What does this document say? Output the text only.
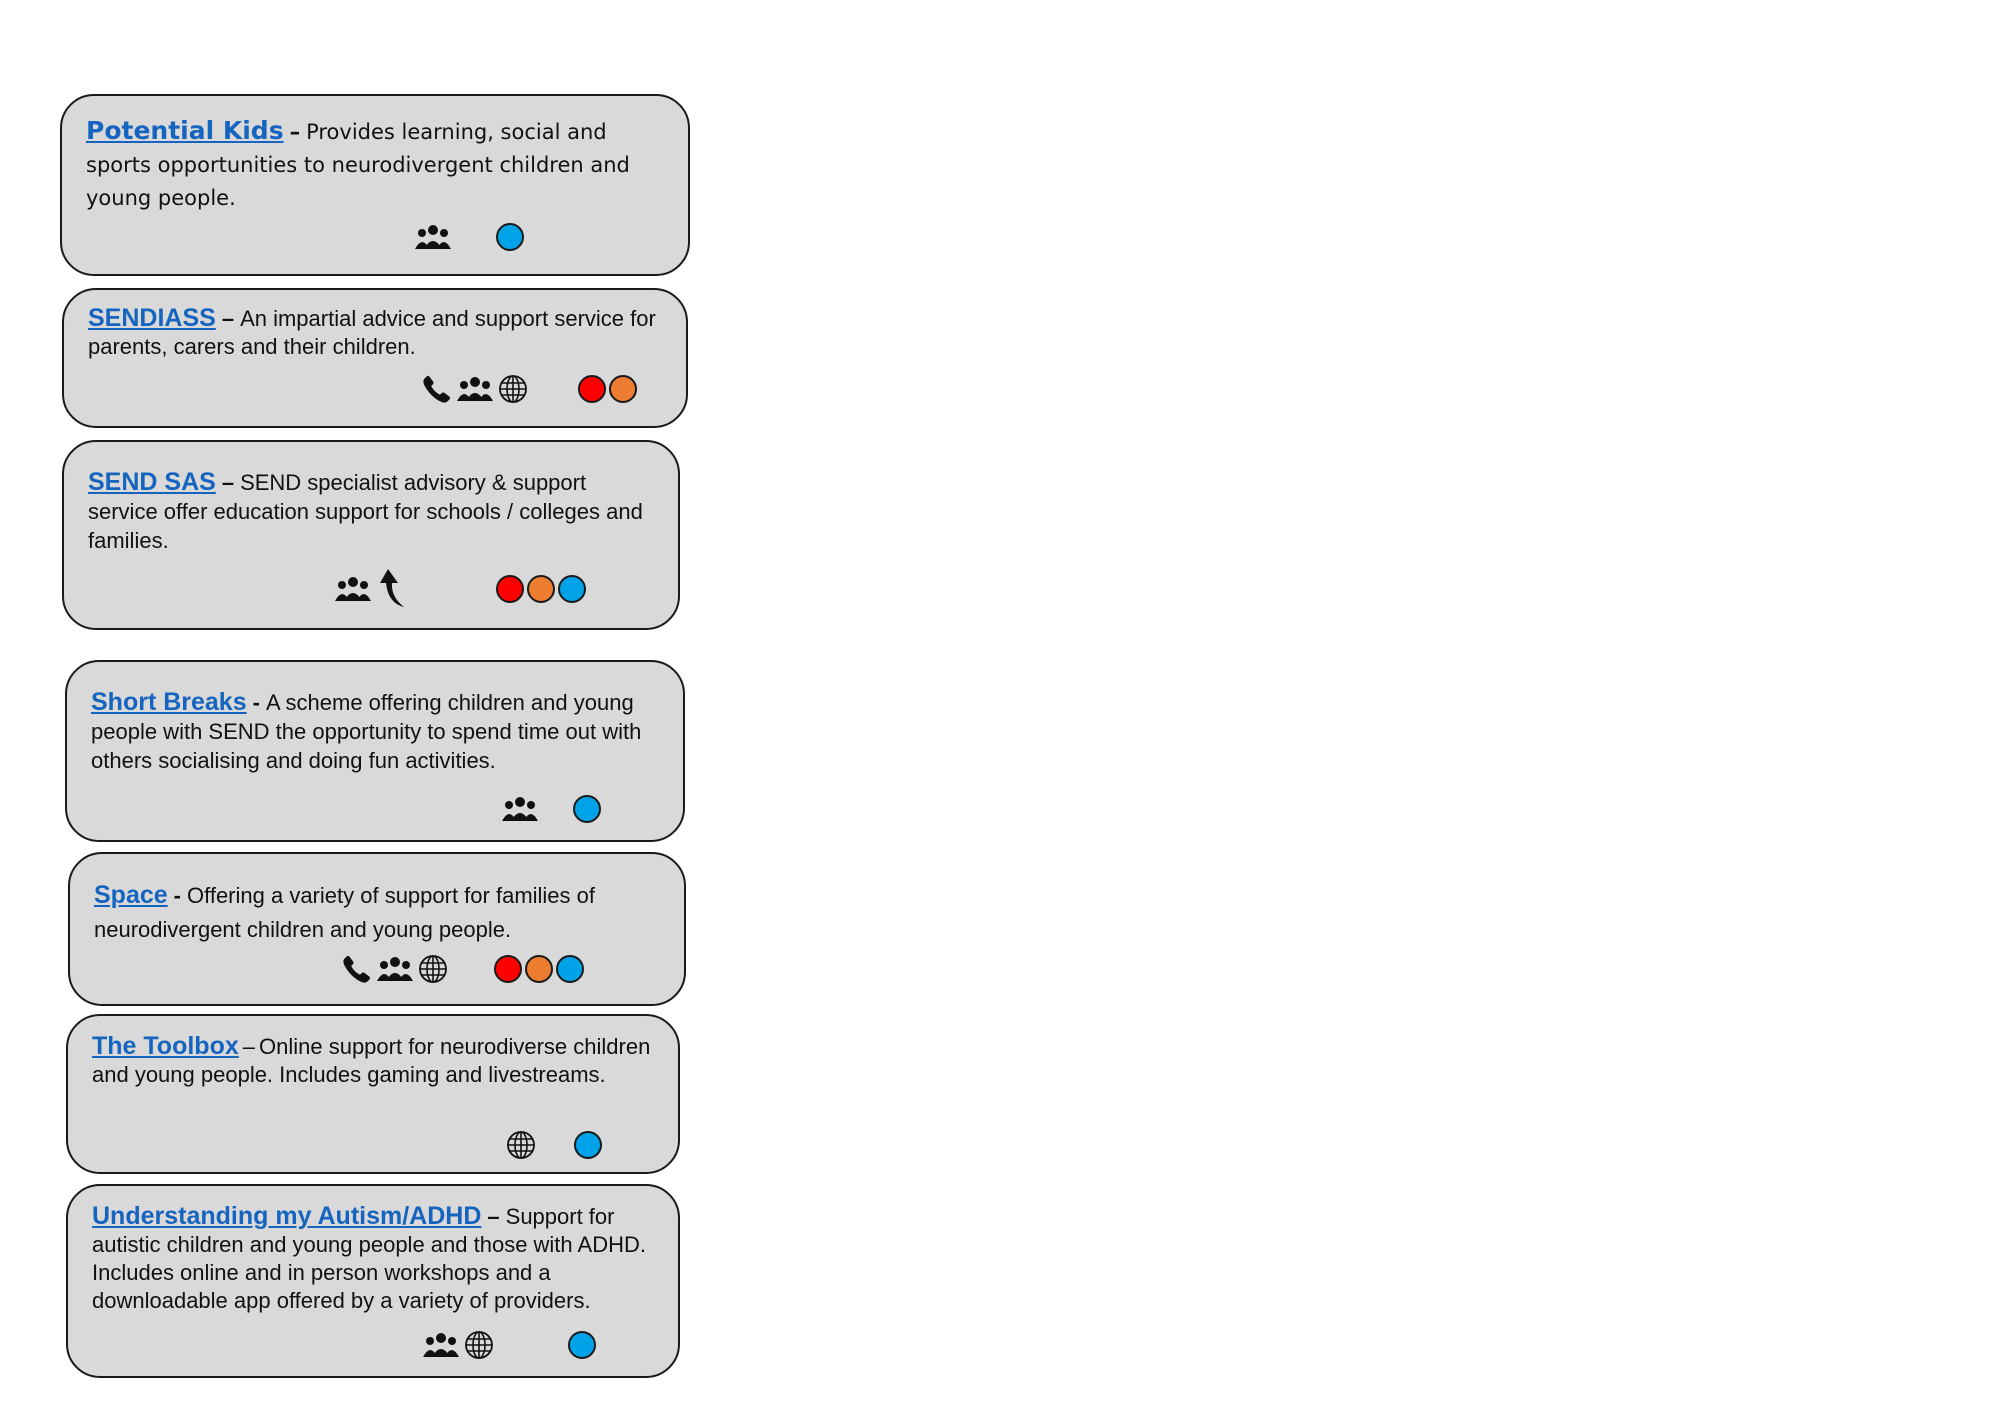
Potential Kids – Provides learning, social and sports opportunities to neurodivergent children and young people.
SENDIASS – An impartial advice and support service for parents, carers and their children.
SEND SAS – SEND specialist advisory & support service offer education support for schools / colleges and families.
Short Breaks - A scheme offering children and young people with SEND the opportunity to spend time out with others socialising and doing fun activities.
Space - Offering a variety of support for families of neurodivergent children and young people.
The Toolbox – Online support for neurodiverse children and young people. Includes gaming and livestreams.
Understanding my Autism/ADHD – Support for autistic children and young people and those with ADHD. Includes online and in person workshops and a downloadable app offered by a variety of providers.
